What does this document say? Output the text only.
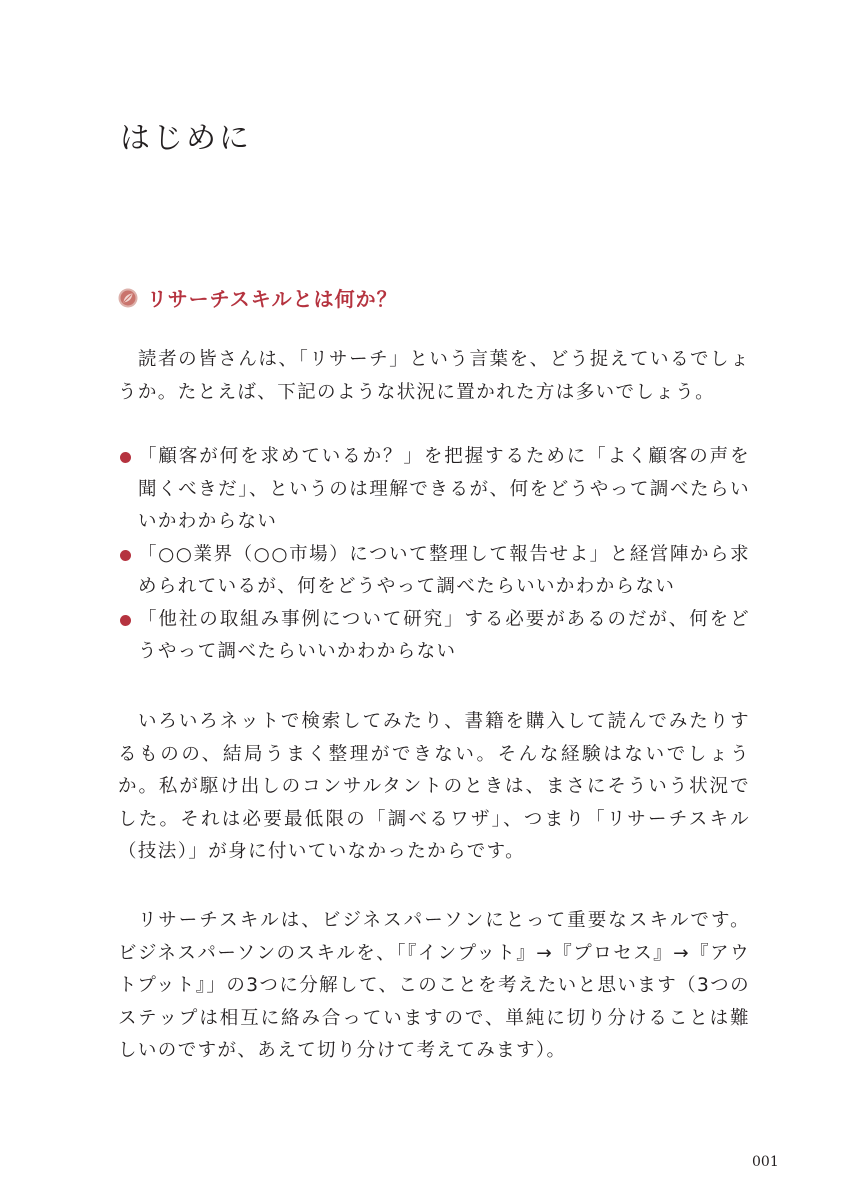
はじめに
リサーチスキルとは何か？

読者の皆さんは、「リサーチ」という言葉を、どう捉えているでしょうか。たとえば、下記のような状況に置かれた方は多いでしょう。

「顧客が何を求めているか？」を把握するために「よく顧客の声を聞くべきだ」、というのは理解できるが、何をどうやって調べたらいいかわからない
「○○業界（○○市場）について整理して報告せよ」と経営陣から求められているが、何をどうやって調べたらいいかわからない
「他社の取組み事例について研究」する必要があるのだが、何をどうやって調べたらいいかわからない

いろいろネットで検索してみたり、書籍を購入して読んでみたりするものの、結局うまく整理ができない。そんな経験はないでしょうか。私が駆け出しのコンサルタントのときは、まさにそういう状況でした。それは必要最低限の「調べるワザ」、つまり「リサーチスキル（技法）」が身に付いていなかったからです。

リサーチスキルは、ビジネスパーソンにとって重要なスキルです。ビジネスパーソンのスキルを、「『インプット』→『プロセス』→『アウトプット』」の3つに分解して、このことを考えたいと思います（3つのステップは相互に絡み合っていますので、単純に切り分けることは難しいのですが、あえて切り分けて考えてみます）。

001
